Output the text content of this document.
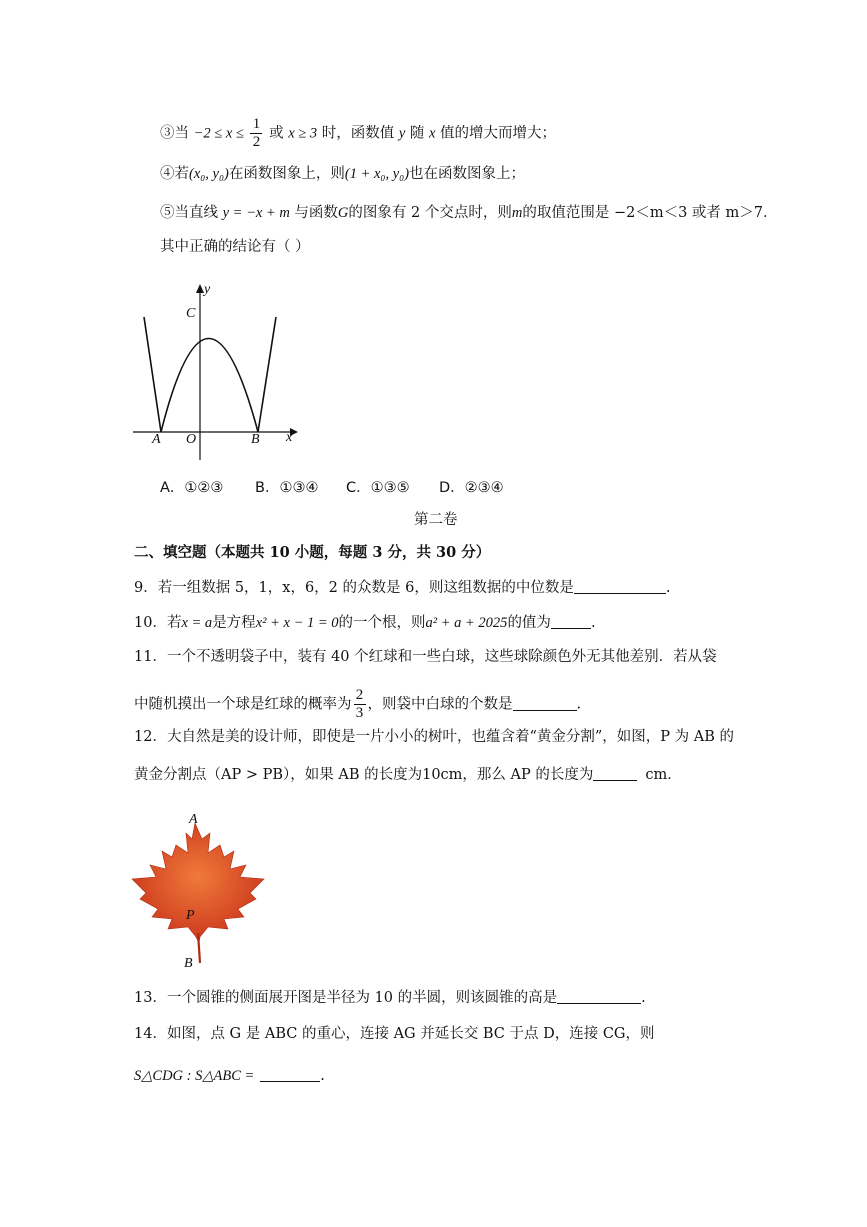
③当 $-2 \le x \le \frac{1}{2}$ 或 x ≥ 3 时，函数值 y 随 x 值的增大而增大；
④若(x₀, y₀)在函数图象上，则(1 + x₀, y₀)也在函数图象上；
⑤当直线 y = −x + m 与函数G的图象有 2 个交点时，则m的取值范围是 −2＜m＜3 或者 m＞7．
其中正确的结论有（ ）
y
C
A O	B x
A．①②③ B．①③④ C．①③⑤ D．②③④
第二卷
二、填空题（本题共 10 小题，每题 3 分，共 30 分）
9．若一组数据 5，1，x，6，2 的众数是 6，则这组数据的中位数是	.
10．若x = a是方程x² + x − 1 = 0的一个根，则a² + a + 2025的值为	.
11．一个不透明袋子中，装有 40 个红球和一些白球，这些球除颜色外无其他差别．若从袋
中随机摸出一个球是红球的概率为 $\frac{2}{3}$ ，则袋中白球的个数是	.
12．大自然是美的设计师，即使是一片小小的树叶，也蕴含着“黄金分割”，如图，P 为 AB 的
黄金分割点（AP > PB），如果 AB 的长度为10cm，那么 AP 的长度为	cm．
A
P
B
13．一个圆锥的侧面展开图是半径为 10 的半圆，则该圆锥的高是	.
14．如图，点 G 是 ABC 的重心，连接 AG 并延长交 BC 于点 D，连接 CG，则
S△CDG : S△ABC =	.
